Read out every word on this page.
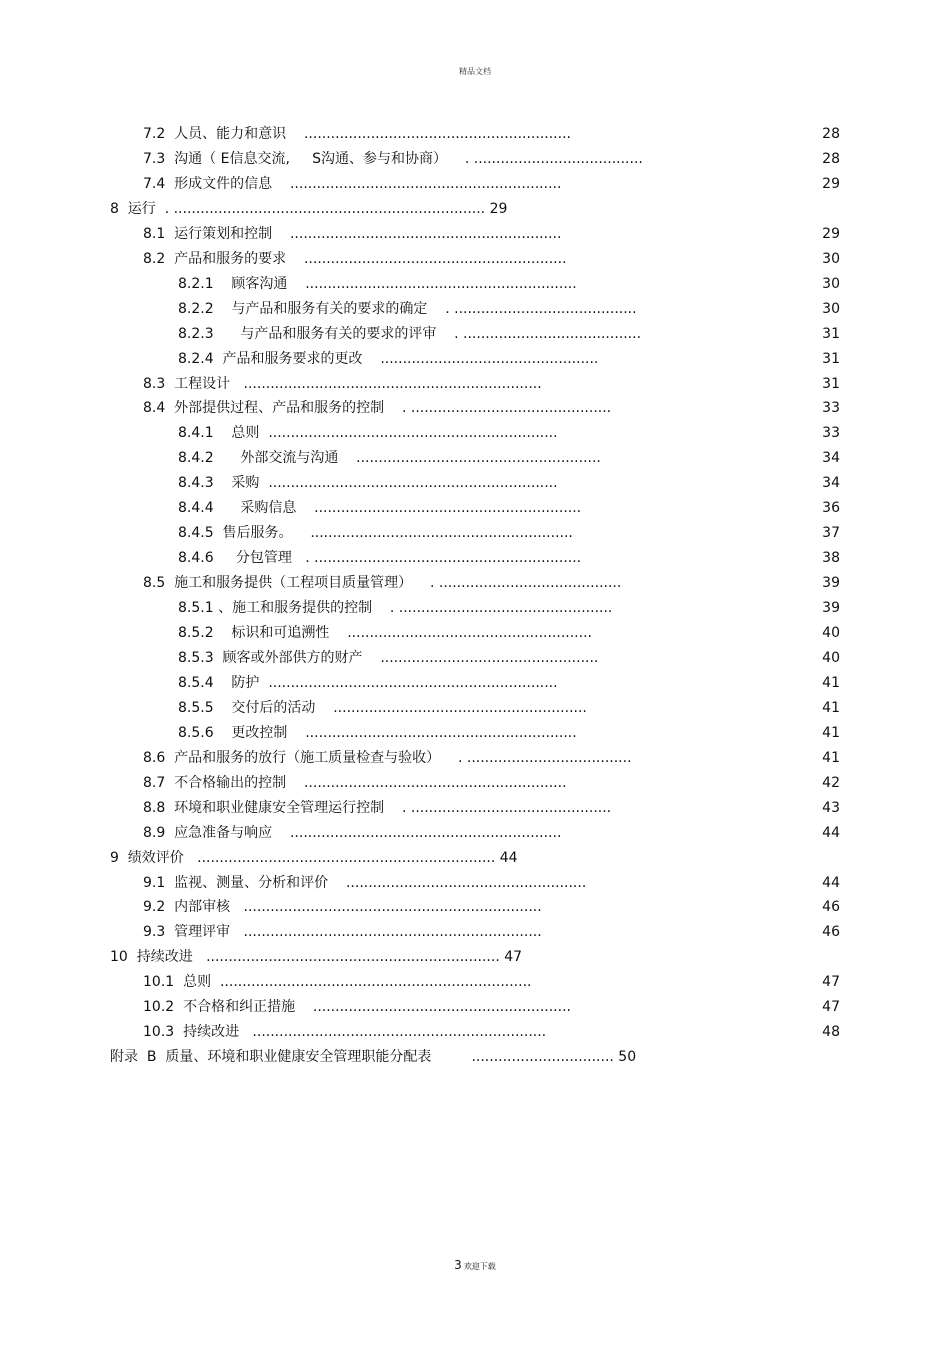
精品文档
7.2  人员、能力和意识    ............................................................	28
7.3  沟通（ E信息交流,     S沟通、参与和协商）    . ......................................	28
7.4  形成文件的信息    .............................................................	29
8  运行  . ...................................................................... 29
8.1  运行策划和控制    .............................................................	29
8.2  产品和服务的要求    ...........................................................	30
8.2.1    顾客沟通    .............................................................	30
8.2.2    与产品和服务有关的要求的确定    . .........................................	30
8.2.3      与产品和服务有关的要求的评审    . ........................................	31
8.2.4  产品和服务要求的更改    .................................................	31
8.3  工程设计   ...................................................................	31
8.4  外部提供过程、产品和服务的控制    . .............................................	33
8.4.1    总则  .................................................................	33
8.4.2      外部交流与沟通    .......................................................	34
8.4.3    采购  .................................................................	34
8.4.4      采购信息    ............................................................	36
8.4.5  售后服务。    ...........................................................	37
8.4.6     分包管理   . ............................................................	38
8.5  施工和服务提供（工程项目质量管理）    . .........................................	39
8.5.1 、施工和服务提供的控制    . ................................................	39
8.5.2    标识和可追溯性    .......................................................	40
8.5.3  顾客或外部供方的财产    .................................................	40
8.5.4    防护  .................................................................	41
8.5.5    交付后的活动    .........................................................	41
8.5.6    更改控制    .............................................................	41
8.6  产品和服务的放行（施工质量检查与验收）    . .....................................	41
8.7  不合格输出的控制    ...........................................................	42
8.8  环境和职业健康安全管理运行控制    . .............................................	43
8.9  应急准备与响应    .............................................................	44
9  绩效评价   ................................................................... 44
9.1  监视、测量、分析和评价    ......................................................	44
9.2  内部审核   ...................................................................	46
9.3  管理评审   ...................................................................	46
10  持续改进   .................................................................. 47
10.1  总则  ......................................................................	47
10.2  不合格和纠正措施    ..........................................................	47
10.3  持续改进   ..................................................................	48
附录  B  质量、环境和职业健康安全管理职能分配表         ................................ 50
3 欢迎下载
